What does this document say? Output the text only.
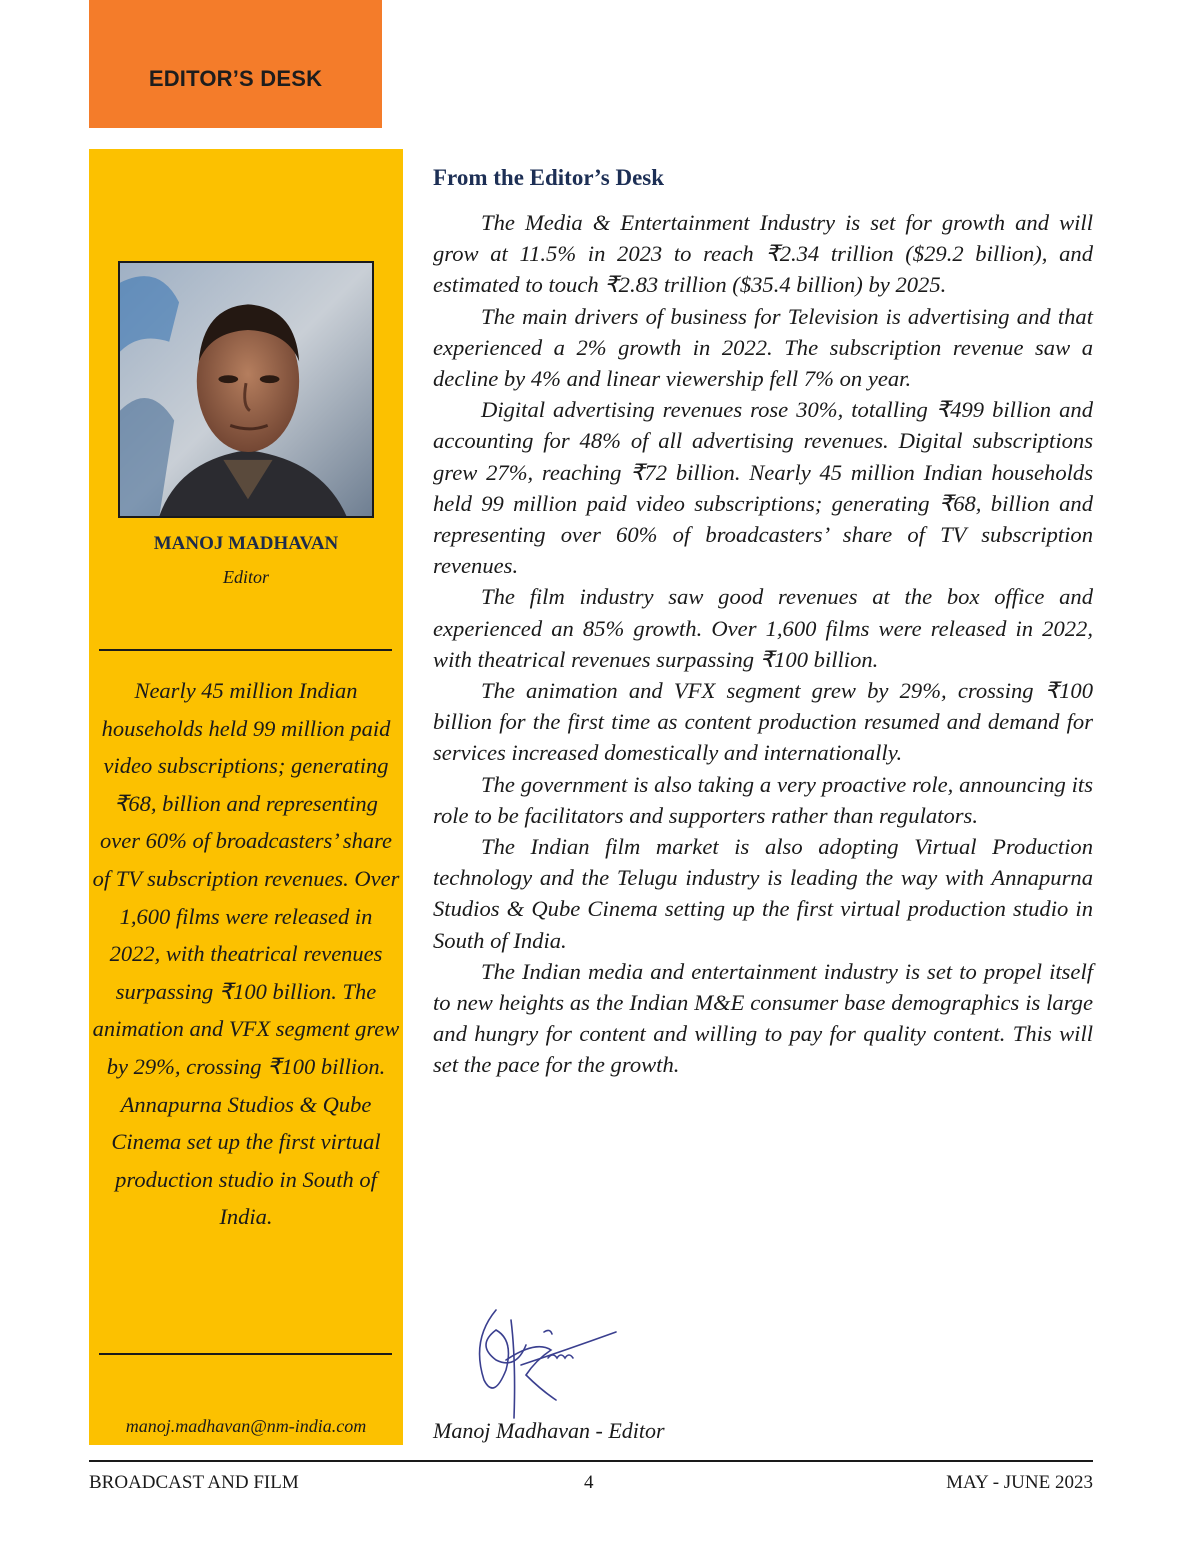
EDITOR’S DESK
MANOJ MADHAVAN
Editor
Nearly 45 million Indian households held 99 million paid video subscriptions; generating ₹68, billion and representing over 60% of broadcasters’ share of TV subscription revenues. Over 1,600 films were released in 2022, with theatrical revenues surpassing ₹100 billion. The animation and VFX segment grew by 29%, crossing ₹100 billion. Annapurna Studios & Qube Cinema set up the first virtual production studio in South of India.
manoj.madhavan@nm-india.com
From the Editor’s Desk

The Media & Entertainment Industry is set for growth and will grow at 11.5% in 2023 to reach ₹2.34 trillion ($29.2 billion), and estimated to touch ₹2.83 trillion ($35.4 billion) by 2025.

The main drivers of business for Television is advertising and that experienced a 2% growth in 2022. The subscription revenue saw a decline by 4% and linear viewership fell 7% on year.

Digital advertising revenues rose 30%, totalling ₹499 billion and accounting for 48% of all advertising revenues. Digital subscriptions grew 27%, reaching ₹72 billion. Nearly 45 million Indian households held 99 million paid video subscriptions; generating ₹68, billion and representing over 60% of broadcasters’ share of TV subscription revenues.

The film industry saw good revenues at the box office and experienced an 85% growth. Over 1,600 films were released in 2022, with theatrical revenues surpassing ₹100 billion.

The animation and VFX segment grew by 29%, crossing ₹100 billion for the first time as content production resumed and demand for services increased domestically and internationally.

The government is also taking a very proactive role, announcing its role to be facilitators and supporters rather than regulators.

The Indian film market is also adopting Virtual Production technology and the Telugu industry is leading the way with Annapurna Studios & Qube Cinema setting up the first virtual production studio in South of India.

The Indian media and entertainment industry is set to propel itself to new heights as the Indian M&E consumer base demographics is large and hungry for content and willing to pay for quality content. This will set the pace for the growth.

Manoj Madhavan - Editor
BROADCAST AND FILM	4	MAY - JUNE 2023
